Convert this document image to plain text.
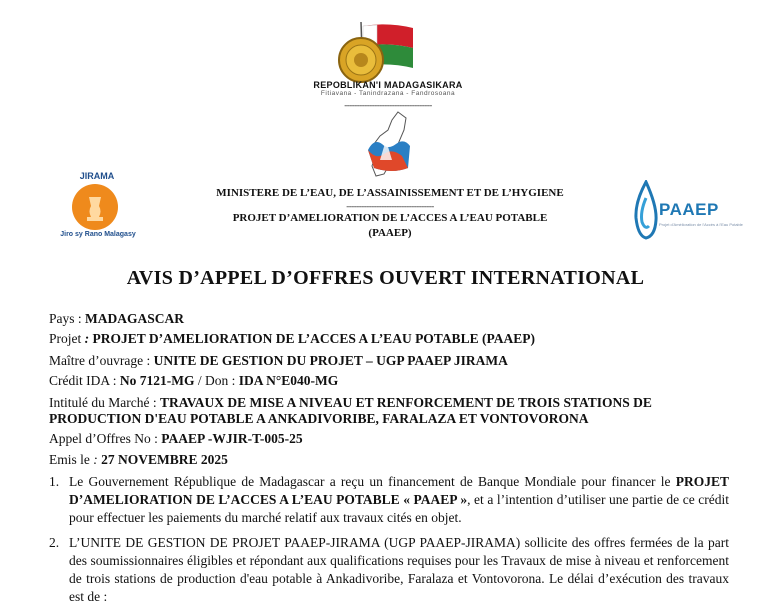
REPOBLIKAN'I MADAGASIKARA
Fitiavana - Tanindrazana - Fandrosoana
-----------------------------------
JIRAMA
Jiro sy Rano Malagasy
MINISTERE DE L’EAU, DE L’ASSAINISSEMENT ET DE L’HYGIENE
-----------------------------------
PROJET D’AMELIORATION DE L’ACCES A L’EAU POTABLE
(PAAEP)
PAAEP
Projet d'Amélioration de l'Accès à l'Eau Potable
AVIS D’APPEL D’OFFRES OUVERT INTERNATIONAL
Pays : MADAGASCAR
Projet : PROJET D’AMELIORATION DE L’ACCES A L’EAU POTABLE (PAAEP)
Maître d’ouvrage : UNITE DE GESTION DU PROJET – UGP PAAEP JIRAMA
Crédit IDA : No 7121-MG / Don : IDA N°E040-MG
Intitulé du Marché : TRAVAUX DE MISE A NIVEAU ET RENFORCEMENT DE TROIS STATIONS DE PRODUCTION D'EAU POTABLE A ANKADIVORIBE, FARALAZA ET VONTOVORONA
Appel d’Offres No : PAAEP -WJIR-T-005-25
Emis le : 27 NOVEMBRE 2025
1. Le Gouvernement République de Madagascar a reçu un financement de Banque Mondiale pour financer le PROJET D’AMELIORATION DE L’ACCES A L’EAU POTABLE « PAAEP », et a l’intention d’utiliser une partie de ce crédit pour effectuer les paiements du marché relatif aux travaux cités en objet.
2. L’UNITE DE GESTION DE PROJET PAAEP-JIRAMA (UGP PAAEP-JIRAMA) sollicite des offres fermées de la part des soumissionnaires éligibles et répondant aux qualifications requises pour les Travaux de mise à niveau et renforcement de trois stations de production d'eau potable à Ankadivoribe, Faralaza et Vontovorona. Le délai d’exécution des travaux est de :
